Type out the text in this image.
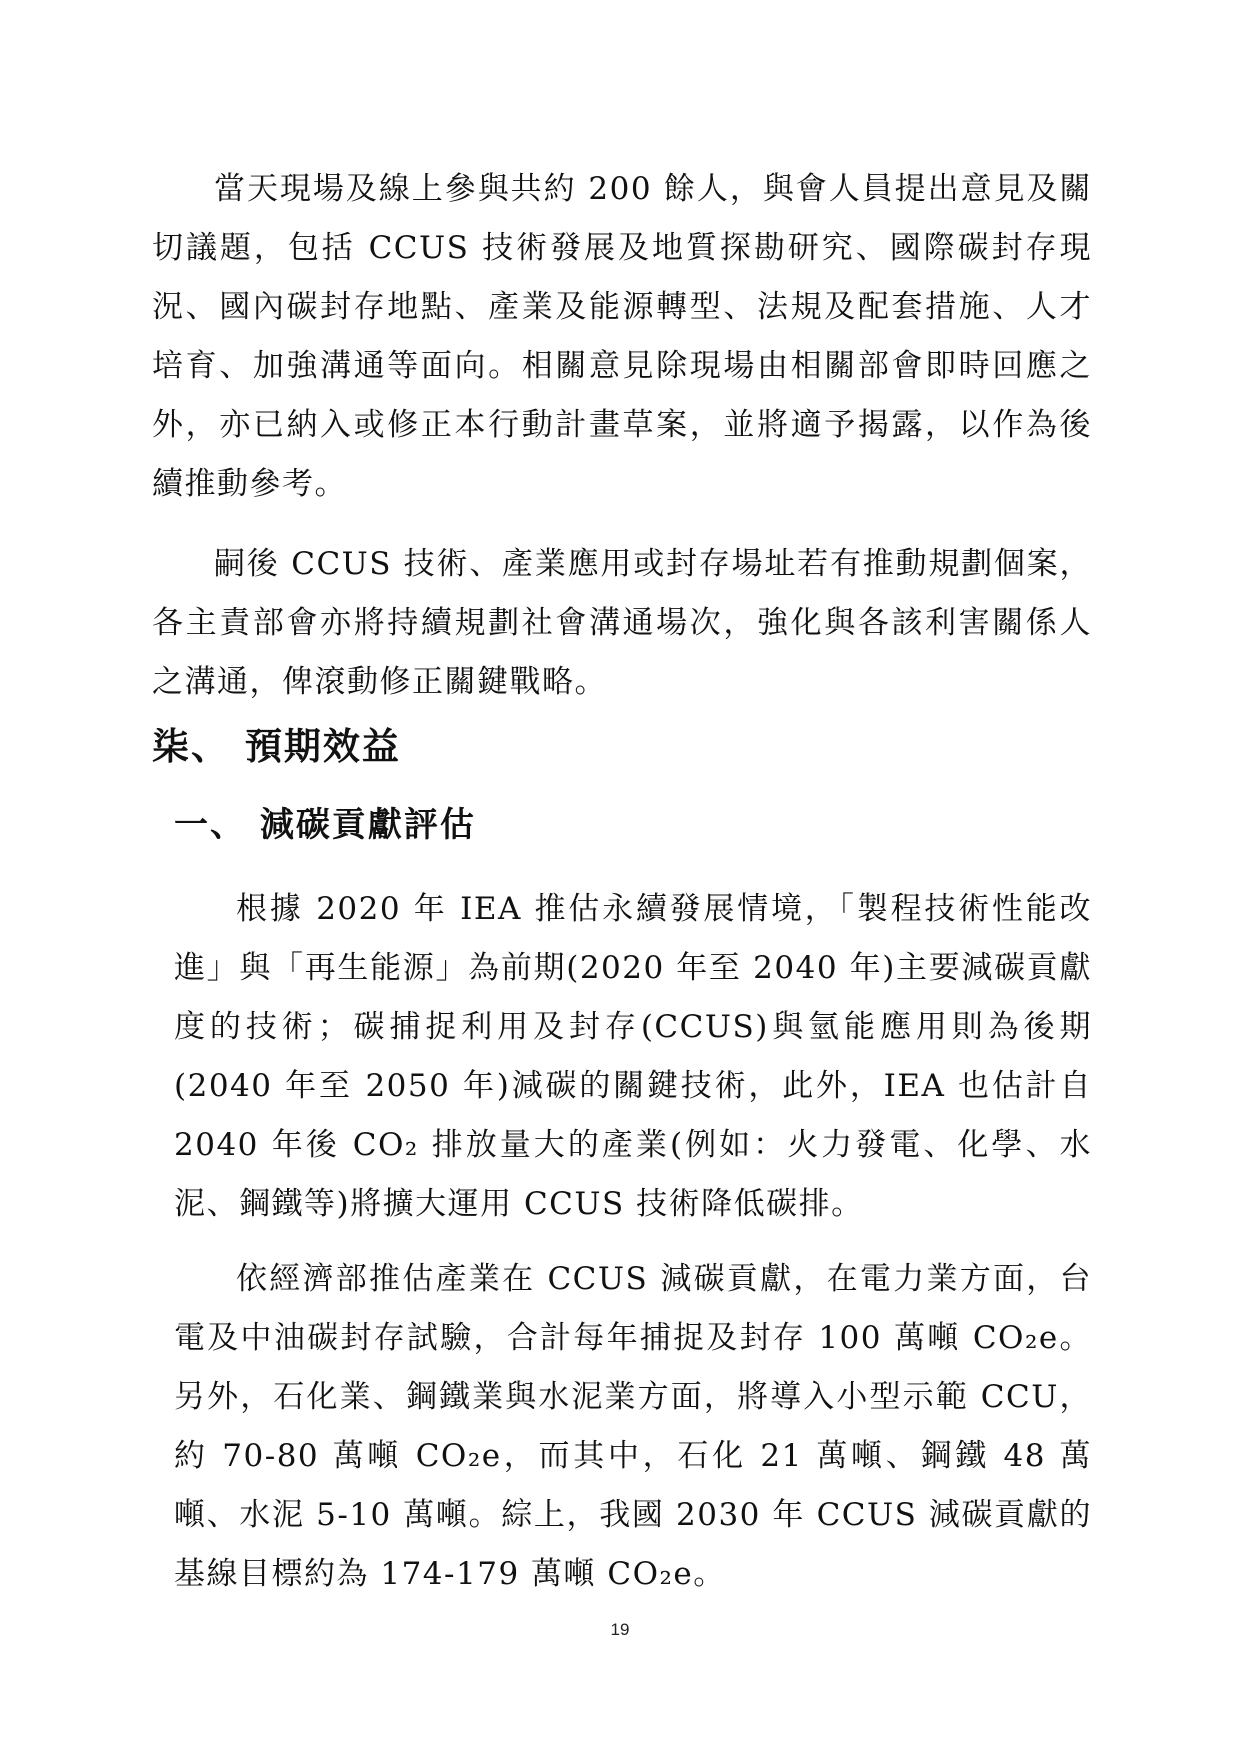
當天現場及線上參與共約 200 餘人，與會人員提出意見及關切議題，包括 CCUS 技術發展及地質探勘研究、國際碳封存現況、國內碳封存地點、產業及能源轉型、法規及配套措施、人才培育、加強溝通等面向。相關意見除現場由相關部會即時回應之外，亦已納入或修正本行動計畫草案，並將適予揭露，以作為後續推動參考。

嗣後 CCUS 技術、產業應用或封存場址若有推動規劃個案，各主責部會亦將持續規劃社會溝通場次，強化與各該利害關係人之溝通，俾滾動修正關鍵戰略。

柒、 預期效益
一、 減碳貢獻評估

根據 2020 年 IEA 推估永續發展情境，「製程技術性能改進」與「再生能源」為前期(2020 年至 2040 年)主要減碳貢獻度的技術；碳捕捉利用及封存(CCUS)與氫能應用則為後期(2040 年至 2050 年)減碳的關鍵技術，此外，IEA 也估計自 2040 年後 CO₂ 排放量大的產業(例如：火力發電、化學、水泥、鋼鐵等)將擴大運用 CCUS 技術降低碳排。

依經濟部推估產業在 CCUS 減碳貢獻，在電力業方面，台電及中油碳封存試驗，合計每年捕捉及封存 100 萬噸 CO₂e。另外，石化業、鋼鐵業與水泥業方面，將導入小型示範 CCU，約 70-80 萬噸 CO₂e，而其中，石化 21 萬噸、鋼鐵 48 萬噸、水泥 5-10 萬噸。綜上，我國 2030 年 CCUS 減碳貢獻的基線目標約為 174-179 萬噸 CO₂e。

19
